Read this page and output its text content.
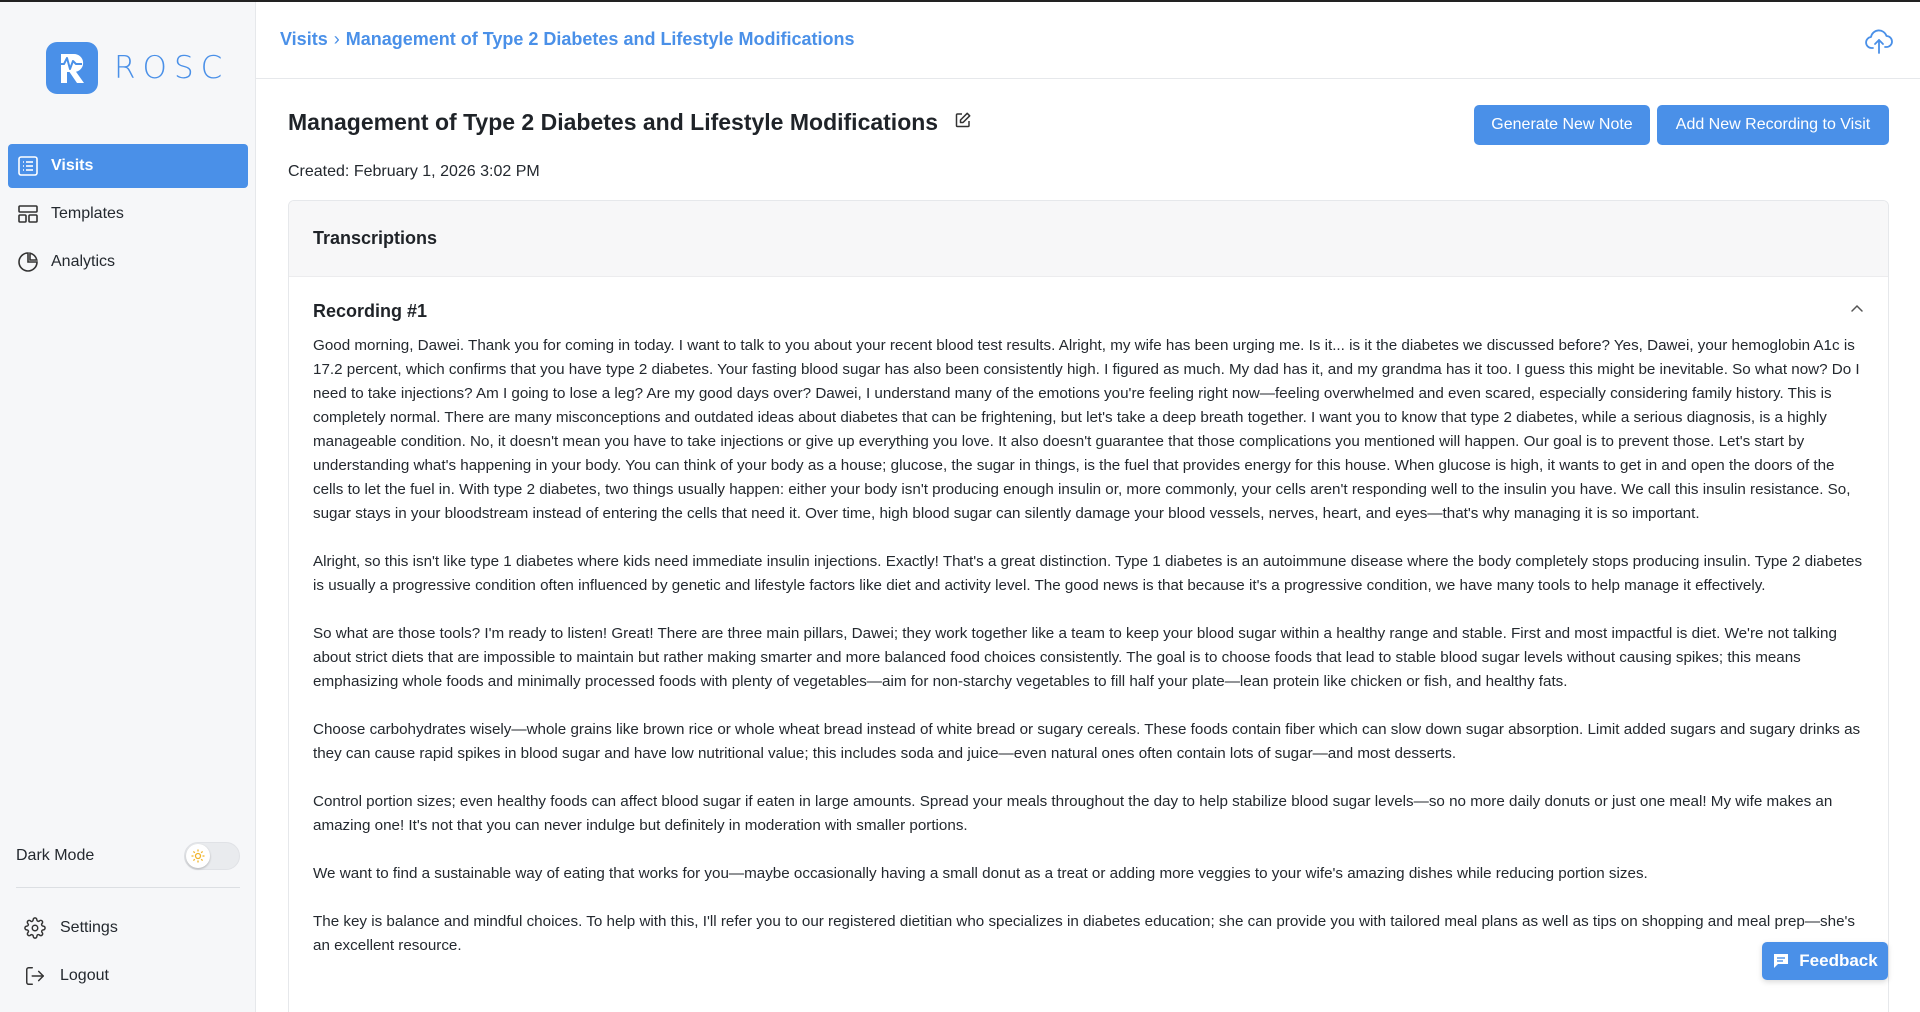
ROSC
Visits
Templates
Analytics
Dark Mode
Settings
Logout
Visits › Management of Type 2 Diabetes and Lifestyle Modifications
Management of Type 2 Diabetes and Lifestyle Modifications	Generate New Note	Add New Recording to Visit
Created: February 1, 2026 3:02 PM
Transcriptions
Recording #1

Good morning, Dawei. Thank you for coming in today. I want to talk to you about your recent blood test results. Alright, my wife has been urging me. Is it... is it the diabetes we discussed before? Yes, Dawei, your hemoglobin A1c is 17.2 percent, which confirms that you have type 2 diabetes. Your fasting blood sugar has also been consistently high. I figured as much. My dad has it, and my grandma has it too. I guess this might be inevitable. So what now? Do I need to take injections? Am I going to lose a leg? Are my good days over? Dawei, I understand many of the emotions you're feeling right now—feeling overwhelmed and even scared, especially considering family history. This is completely normal. There are many misconceptions and outdated ideas about diabetes that can be frightening, but let's take a deep breath together. I want you to know that type 2 diabetes, while a serious diagnosis, is a highly manageable condition. No, it doesn't mean you have to take injections or give up everything you love. It also doesn't guarantee that those complications you mentioned will happen. Our goal is to prevent those. Let's start by understanding what's happening in your body. You can think of your body as a house; glucose, the sugar in things, is the fuel that provides energy for this house. When glucose is high, it wants to get in and open the doors of the cells to let the fuel in. With type 2 diabetes, two things usually happen: either your body isn't producing enough insulin or, more commonly, your cells aren't responding well to the insulin you have. We call this insulin resistance. So, sugar stays in your bloodstream instead of entering the cells that need it. Over time, high blood sugar can silently damage your blood vessels, nerves, heart, and eyes—that's why managing it is so important.

Alright, so this isn't like type 1 diabetes where kids need immediate insulin injections. Exactly! That's a great distinction. Type 1 diabetes is an autoimmune disease where the body completely stops producing insulin. Type 2 diabetes is usually a progressive condition often influenced by genetic and lifestyle factors like diet and activity level. The good news is that because it's a progressive condition, we have many tools to help manage it effectively.

So what are those tools? I'm ready to listen! Great! There are three main pillars, Dawei; they work together like a team to keep your blood sugar within a healthy range and stable. First and most impactful is diet. We're not talking about strict diets that are impossible to maintain but rather making smarter and more balanced food choices consistently. The goal is to choose foods that lead to stable blood sugar levels without causing spikes; this means emphasizing whole foods and minimally processed foods with plenty of vegetables—aim for non-starchy vegetables to fill half your plate—lean protein like chicken or fish, and healthy fats.

Choose carbohydrates wisely—whole grains like brown rice or whole wheat bread instead of white bread or sugary cereals. These foods contain fiber which can slow down sugar absorption. Limit added sugars and sugary drinks as they can cause rapid spikes in blood sugar and have low nutritional value; this includes soda and juice—even natural ones often contain lots of sugar—and most desserts.

Control portion sizes; even healthy foods can affect blood sugar if eaten in large amounts. Spread your meals throughout the day to help stabilize blood sugar levels—so no more daily donuts or just one meal! My wife makes an amazing one! It's not that you can never indulge but definitely in moderation with smaller portions.

We want to find a sustainable way of eating that works for you—maybe occasionally having a small donut as a treat or adding more veggies to your wife's amazing dishes while reducing portion sizes.

The key is balance and mindful choices. To help with this, I'll refer you to our registered dietitian who specializes in diabetes education; she can provide you with tailored meal plans as well as tips on shopping and meal prep—she's an excellent resource.

Feedback
